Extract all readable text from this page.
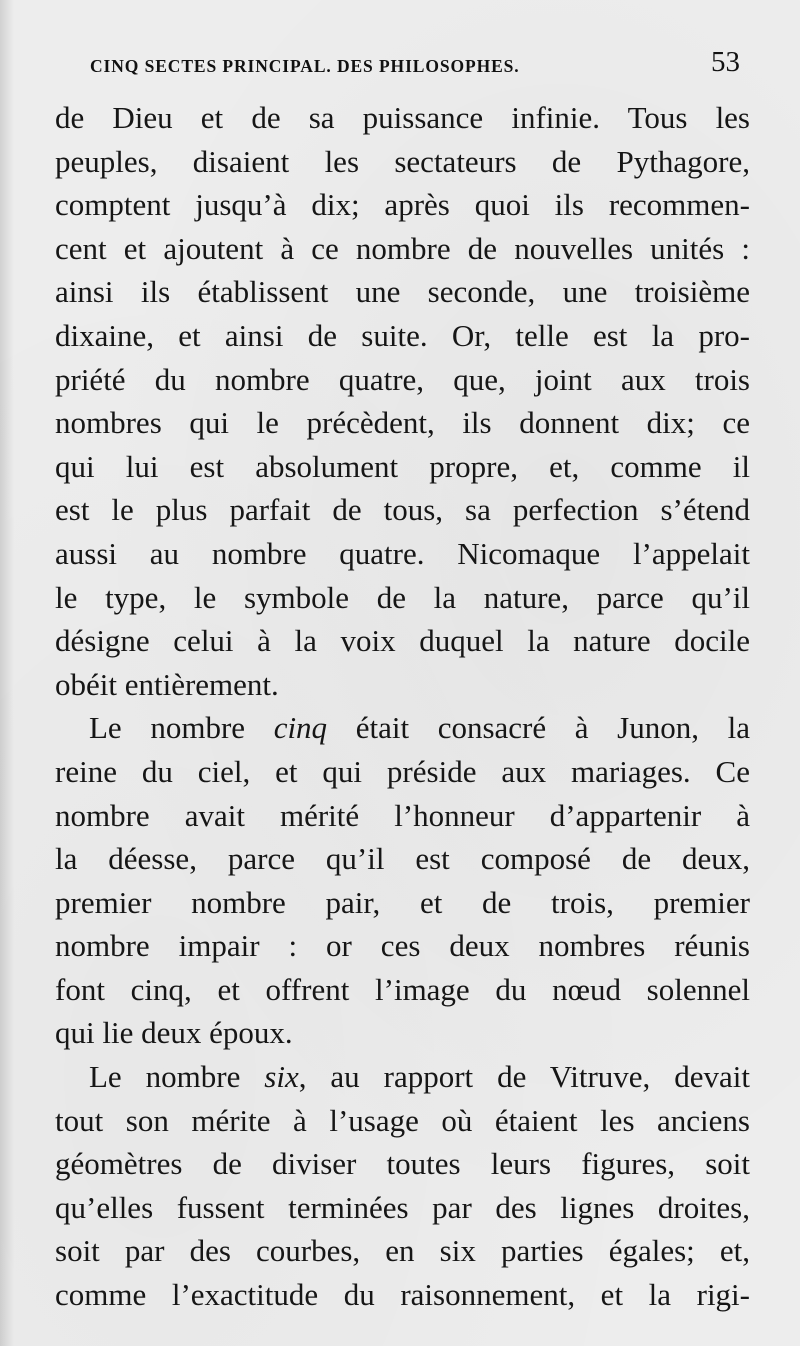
CINQ SECTES PRINCIPAL. DES PHILOSOPHES.	53
de Dieu et de sa puissance infinie. Tous les
peuples, disaient les sectateurs de Pythagore,
comptent jusqu’à dix; après quoi ils recommen-
cent et ajoutent à ce nombre de nouvelles unités :
ainsi ils établissent une seconde, une troisième
dixaine, et ainsi de suite. Or, telle est la pro-
priété du nombre quatre, que, joint aux trois
nombres qui le précèdent, ils donnent dix; ce
qui lui est absolument propre, et, comme il
est le plus parfait de tous, sa perfection s’étend
aussi au nombre quatre. Nicomaque l’appelait
le type, le symbole de la nature, parce qu’il
désigne celui à la voix duquel la nature docile
obéit entièrement.
Le nombre cinq était consacré à Junon, la
reine du ciel, et qui préside aux mariages. Ce
nombre avait mérité l’honneur d’appartenir à
la déesse, parce qu’il est composé de deux,
premier nombre pair, et de trois, premier
nombre impair : or ces deux nombres réunis
font cinq, et offrent l’image du nœud solennel
qui lie deux époux.
Le nombre six, au rapport de Vitruve, devait
tout son mérite à l’usage où étaient les anciens
géomètres de diviser toutes leurs figures, soit
qu’elles fussent terminées par des lignes droites,
soit par des courbes, en six parties égales; et,
comme l’exactitude du raisonnement, et la rigi-
